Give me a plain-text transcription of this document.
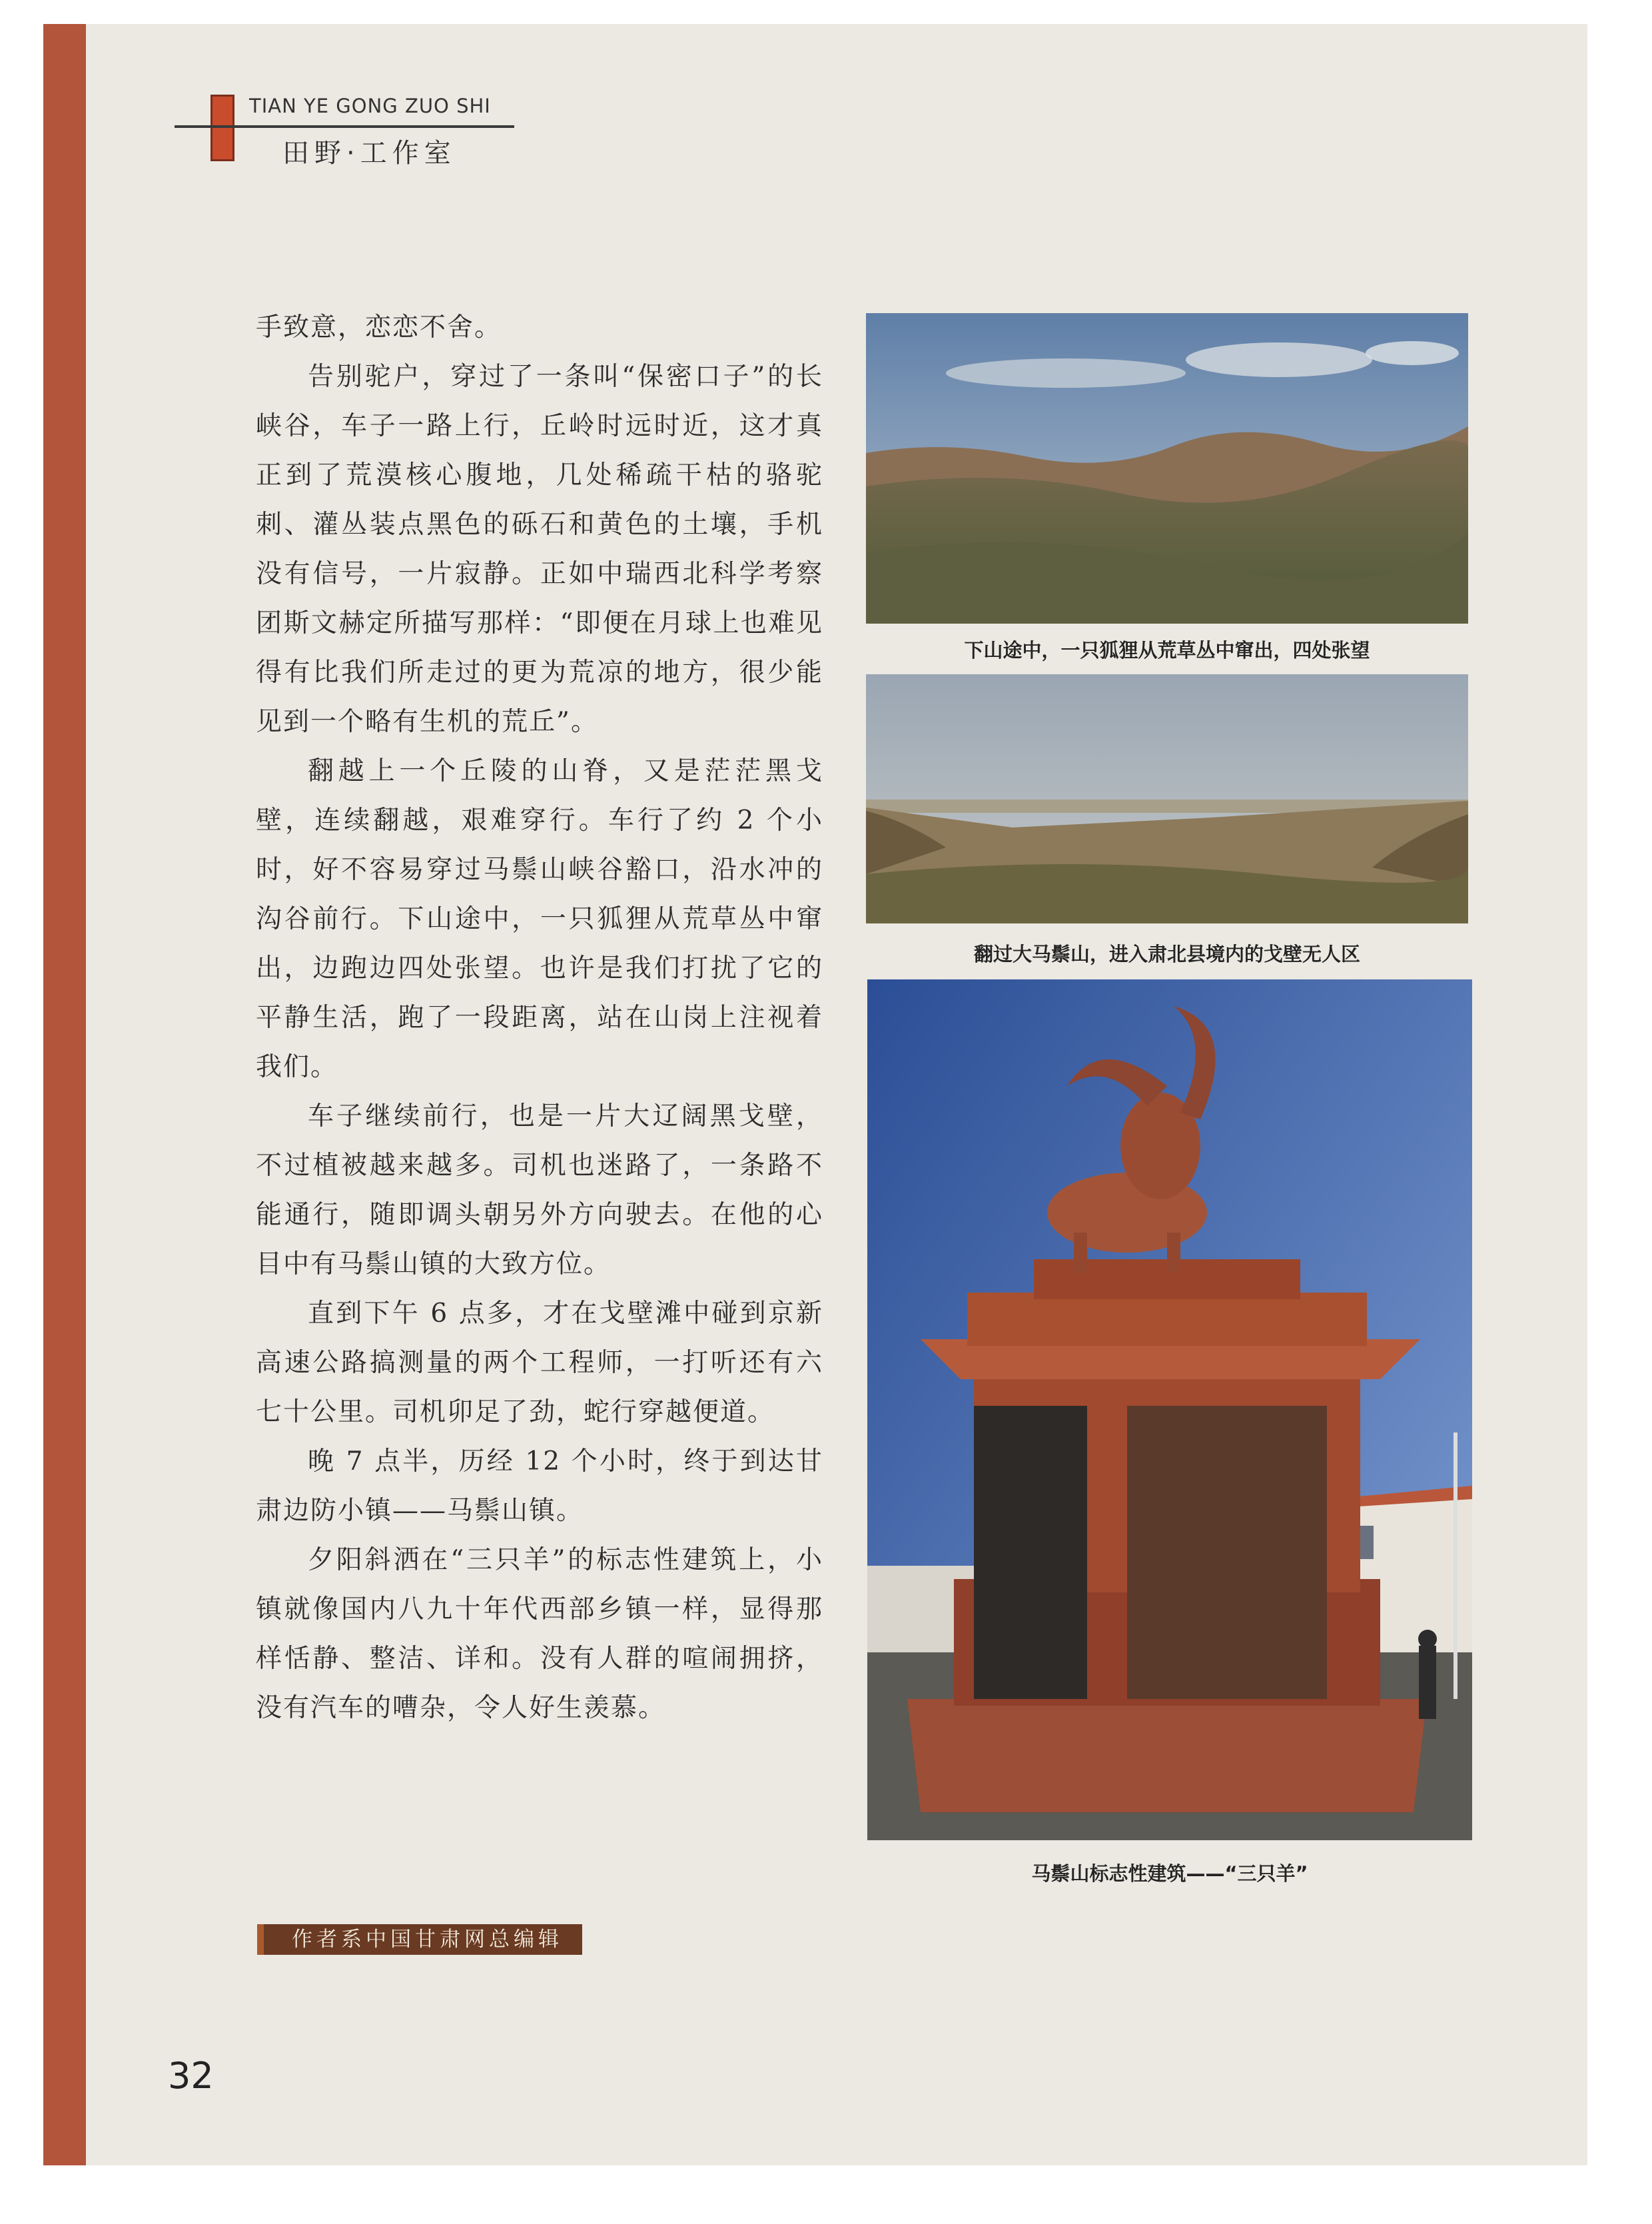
TIAN YE GONG ZUO SHI
田野·工作室

手致意，恋恋不舍。

告别驼户，穿过了一条叫“保密口子”的长峡谷，车子一路上行，丘岭时远时近，这才真正到了荒漠核心腹地，几处稀疏干枯的骆驼刺、灌丛装点黑色的砾石和黄色的土壤，手机没有信号，一片寂静。正如中瑞西北科学考察团斯文赫定所描写那样：“即便在月球上也难见得有比我们所走过的更为荒凉的地方，很少能见到一个略有生机的荒丘”。

翻越上一个丘陵的山脊，又是茫茫黑戈壁，连续翻越，艰难穿行。车行了约 2 个小时，好不容易穿过马鬃山峡谷豁口，沿水冲的沟谷前行。下山途中，一只狐狸从荒草丛中窜出，边跑边四处张望。也许是我们打扰了它的平静生活，跑了一段距离，站在山岗上注视着我们。

车子继续前行，也是一片大辽阔黑戈壁，不过植被越来越多。司机也迷路了，一条路不能通行，随即调头朝另外方向驶去。在他的心目中有马鬃山镇的大致方位。

直到下午 6 点多，才在戈壁滩中碰到京新高速公路搞测量的两个工程师，一打听还有六七十公里。司机卯足了劲，蛇行穿越便道。

晚 7 点半，历经 12 个小时，终于到达甘肃边防小镇——马鬃山镇。

夕阳斜洒在“三只羊”的标志性建筑上，小镇就像国内八九十年代西部乡镇一样，显得那样恬静、整洁、详和。没有人群的喧闹拥挤，没有汽车的嘈杂，令人好生羡慕。

作者系中国甘肃网总编辑
32
下山途中，一只狐狸从荒草丛中窜出，四处张望
翻过大马鬃山，进入肃北县境内的戈壁无人区
马鬃山标志性建筑——“三只羊”
